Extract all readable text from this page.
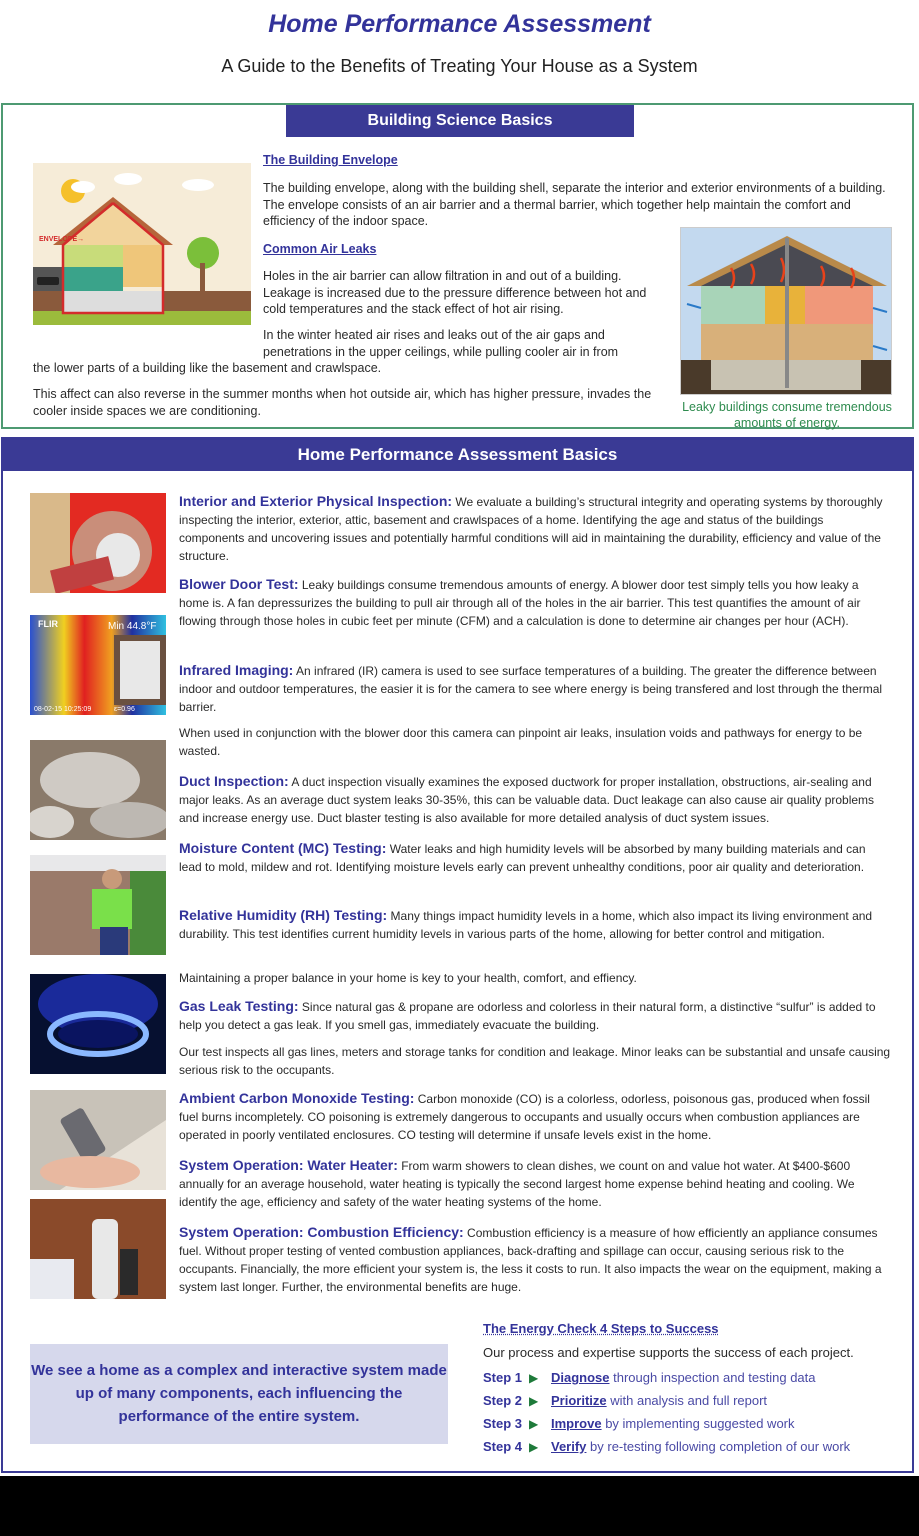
Home Performance Assessment
A Guide to the Benefits of Treating Your House as a System
Building Science Basics
ENVELOPE→
The Building Envelope
The building envelope, along with the building shell, separate the interior and exterior environments of a building. The envelope consists of an air barrier and a thermal barrier, which together help maintain the comfort and efficiency of the indoor space.
Common Air Leaks
Holes in the air barrier can allow filtration in and out of a building. Leakage is increased due to the pressure difference between hot and cold temperatures and the stack effect of hot air rising.
In the winter heated air rises and leaks out of the air gaps and penetrations in the upper ceilings, while pulling cooler air in from
the lower parts of a building like the basement and crawlspace.
This affect can also reverse in the summer months when hot outside air, which has higher pressure, invades the cooler inside spaces we are conditioning.	Leaky buildings consume tremendous amounts of energy.
Home Performance Assessment Basics
FLIR	Min 44.8°F
08-02-15 10:25:09	ε=0.96
Interior and Exterior Physical Inspection: We evaluate a building’s structural integrity and operating systems by thoroughly inspecting the interior, exterior, attic, basement and crawlspaces of a home. Identifying the age and status of the buildings components and uncovering issues and potentially harmful conditions will aid in maintaining the durability, efficiency and value of the structure.
Blower Door Test: Leaky buildings consume tremendous amounts of energy. A blower door test simply tells you how leaky a home is. A fan depressurizes the building to pull air through all of the holes in the air barrier. This test quantifies the amount of air flowing through those holes in cubic feet per minute (CFM) and a calculation is done to determine air changes per hour (ACH).
Infrared Imaging: An infrared (IR) camera is used to see surface temperatures of a building. The greater the difference between indoor and outdoor temperatures, the easier it is for the camera to see where energy is being transfered and lost through the thermal barrier.
When used in conjunction with the blower door this camera can pinpoint air leaks, insulation voids and pathways for energy to be wasted.
Duct Inspection: A duct inspection visually examines the exposed ductwork for proper installation, obstructions, air-sealing and major leaks. As an average duct system leaks 30-35%, this can be valuable data. Duct leakage can also cause air quality problems and increase energy use. Duct blaster testing is also available for more detailed analysis of duct system issues.
Moisture Content (MC) Testing: Water leaks and high humidity levels will be absorbed by many building materials and can lead to mold, mildew and rot. Identifying moisture levels early can prevent unhealthy conditions, poor air quality and deterioration.
Relative Humidity (RH) Testing: Many things impact humidity levels in a home, which also impact its living environment and durability. This test identifies current humidity levels in various parts of the home, allowing for better control and mitigation.
Maintaining a proper balance in your home is key to your health, comfort, and effiency.
Gas Leak Testing: Since natural gas & propane are odorless and colorless in their natural form, a distinctive “sulfur” is added to help you detect a gas leak. If you smell gas, immediately evacuate the building.
Our test inspects all gas lines, meters and storage tanks for condition and leakage. Minor leaks can be substantial and unsafe causing serious risk to the occupants.
Ambient Carbon Monoxide Testing: Carbon monoxide (CO) is a colorless, odorless, poisonous gas, produced when fossil fuel burns incompletely. CO poisoning is extremely dangerous to occupants and usually occurs when combustion appliances are operated in poorly ventilated enclosures. CO testing will determine if unsafe levels exist in the home.
System Operation: Water Heater: From warm showers to clean dishes, we count on and value hot water. At $400-$600 annually for an average household, water heating is typically the second largest home expense behind heating and cooling. We identify the age, efficiency and safety of the water heating systems of the home.
System Operation: Combustion Efficiency: Combustion efficiency is a measure of how efficiently an appliance consumes fuel. Without proper testing of vented combustion appliances, back-drafting and spillage can occur, causing serious risk to the occupants. Financially, the more efficient your system is, the less it costs to run. It also impacts the wear on the equipment, making a system last longer. Further, the environmental benefits are huge.
We see a home as a complex and interactive system made up of many components, each influencing the performance of the entire system.
The Energy Check 4 Steps to Success
Our process and expertise supports the success of each project.
Step 1 ▶ Diagnose through inspection and testing data
Step 2 ▶ Prioritize with analysis and full report
Step 3 ▶ Improve by implementing suggested work
Step 4 ▶ Verify by re-testing following completion of our work
